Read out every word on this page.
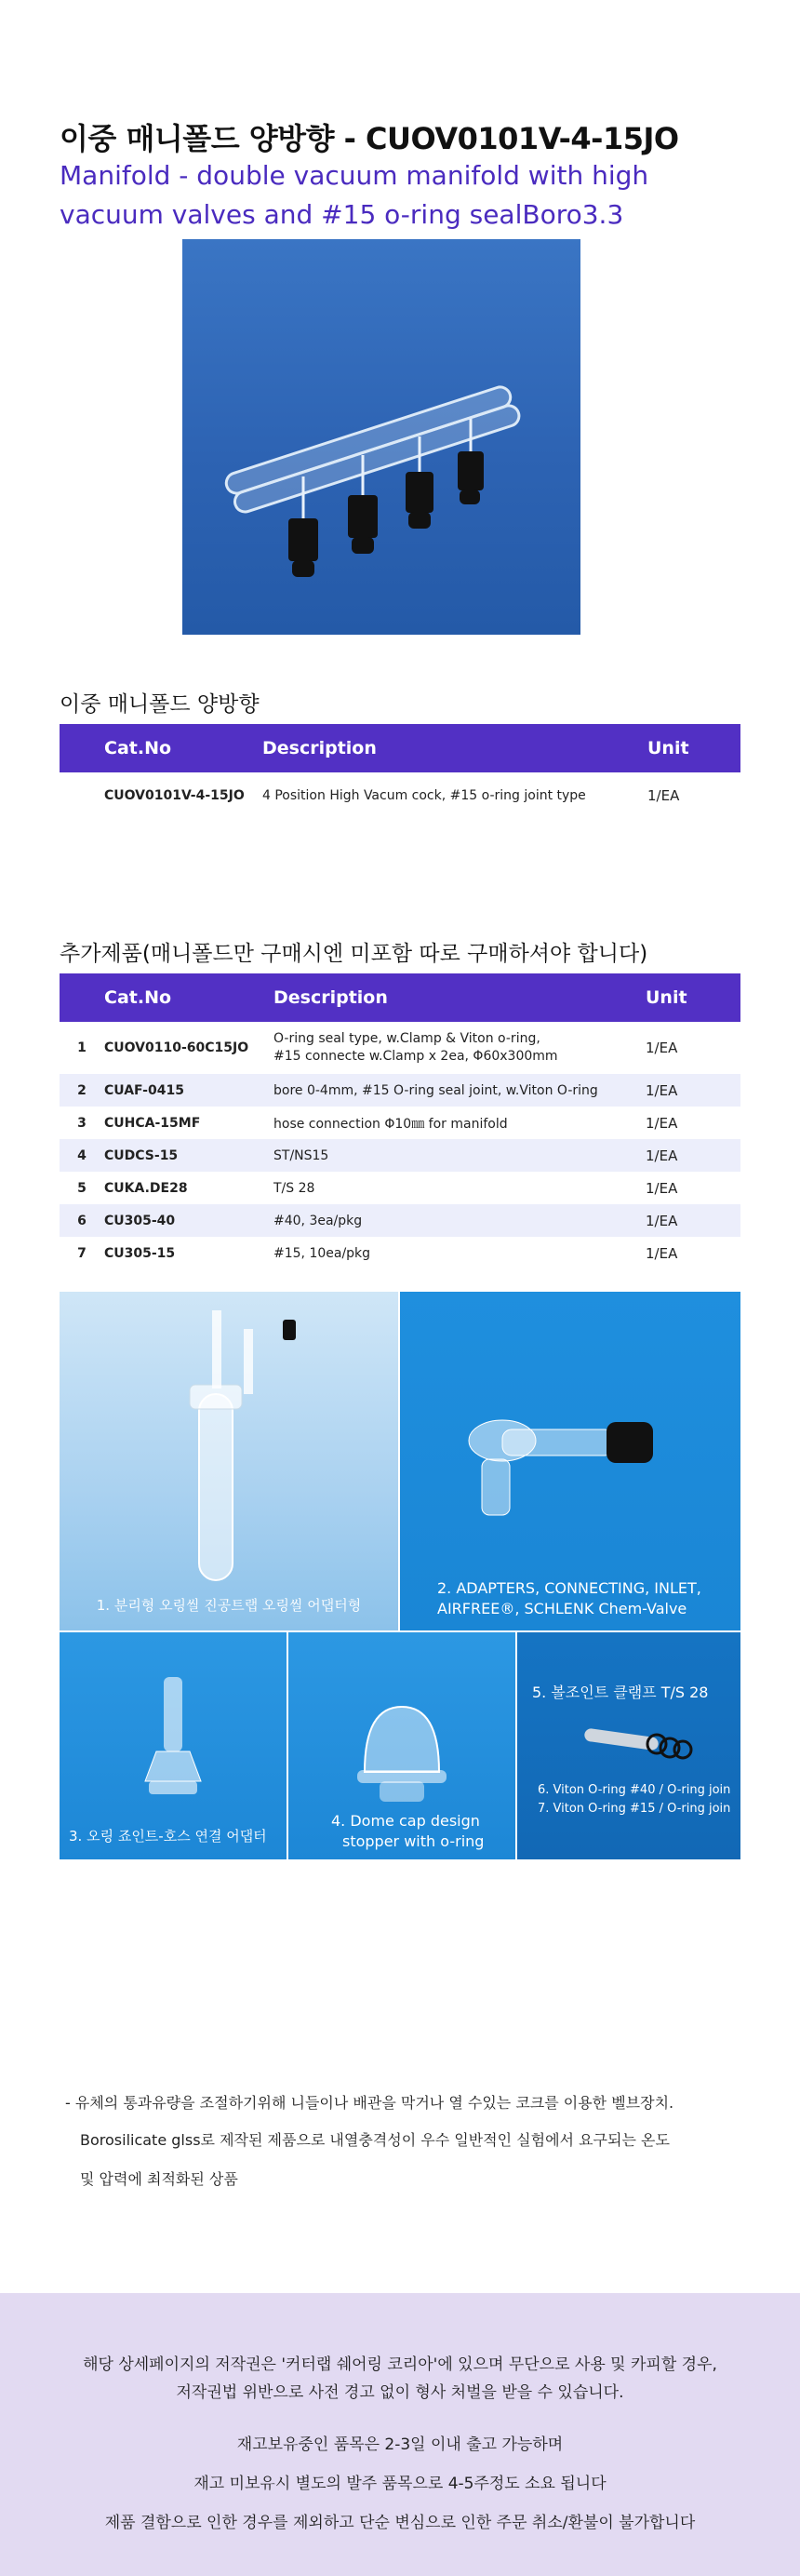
이중 매니폴드 양방향 - CUOV0101V-4-15JO
Manifold - double vacuum manifold with high vacuum valves and #15 o-ring sealBoro3.3
이중 매니폴드 양방향
Cat.No	Description	Unit
CUOV0101V-4-15JO	4 Position High Vacum cock, #15 o-ring joint type	1/EA
추가제품(매니폴드만 구매시엔 미포함 따로 구매하셔야 합니다)
	Cat.No	Description	Unit
1	CUOV0110-60C15JO	O-ring seal type, w.Clamp & Viton o-ring,
#15 connecte w.Clamp x 2ea, Φ60x300mm	1/EA
2	CUAF-0415	bore 0-4mm, #15 O-ring seal joint, w.Viton O-ring	1/EA
3	CUHCA-15MF	hose connection Φ10㎜ for manifold	1/EA
4	CUDCS-15	ST/NS15	1/EA
5	CUKA.DE28	T/S 28	1/EA
6	CU305-40	#40, 3ea/pkg	1/EA
7	CU305-15	#15, 10ea/pkg	1/EA
1. 분리형 오링씰 진공트랩 오링씰 어댑터형
2. ADAPTERS, CONNECTING, INLET,
AIRFREE®, SCHLENK Chem-Valve
3. 오링 죠인트-호스 연결 어댑터
4. Dome cap design
stopper with o-ring
5. 볼조인트 클램프 T/S 28
6. Viton O-ring #40 / O-ring join
7. Viton O-ring #15 / O-ring join
- 유체의 통과유량을 조절하기위해 니들이나 배관을 막거나 열 수있는 코크를 이용한 벨브장치.
Borosilicate glss로 제작된 제품으로 내열충격성이 우수 일반적인 실험에서 요구되는 온도
및 압력에 최적화된 상품

해당 상세페이지의 저작권은 '커터랩 쉐어링 코리아'에 있으며 무단으로 사용 및 카피할 경우,

저작권법 위반으로 사전 경고 없이 형사 처벌을 받을 수 있습니다.

재고보유중인 품목은 2-3일 이내 출고 가능하며

재고 미보유시 별도의 발주 품목으로 4-5주정도 소요 됩니다

제품 결함으로 인한 경우를 제외하고 단순 변심으로 인한 주문 취소/환불이 불가합니다
